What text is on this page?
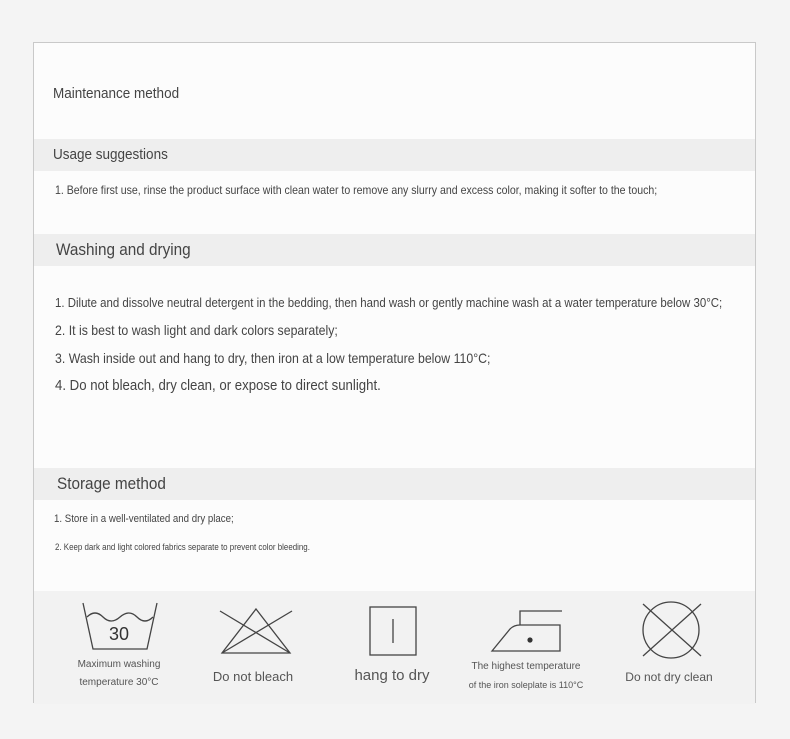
Maintenance method
Usage suggestions
1. Before first use, rinse the product surface with clean water to remove any slurry and excess color, making it softer to the touch;
Washing and drying
1. Dilute and dissolve neutral detergent in the bedding, then hand wash or gently machine wash at a water temperature below 30°C;
2. It is best to wash light and dark colors separately;
3. Wash inside out and hang to dry, then iron at a low temperature below 110°C;
4. Do not bleach, dry clean, or expose to direct sunlight.
Storage method
1. Store in a well-ventilated and dry place;
2. Keep dark and light colored fabrics separate to prevent color bleeding.
30
Maximum washing
temperature 30°C	Do not bleach	hang to dry
The highest temperature
of the iron soleplate is 110°C
Do not dry clean
